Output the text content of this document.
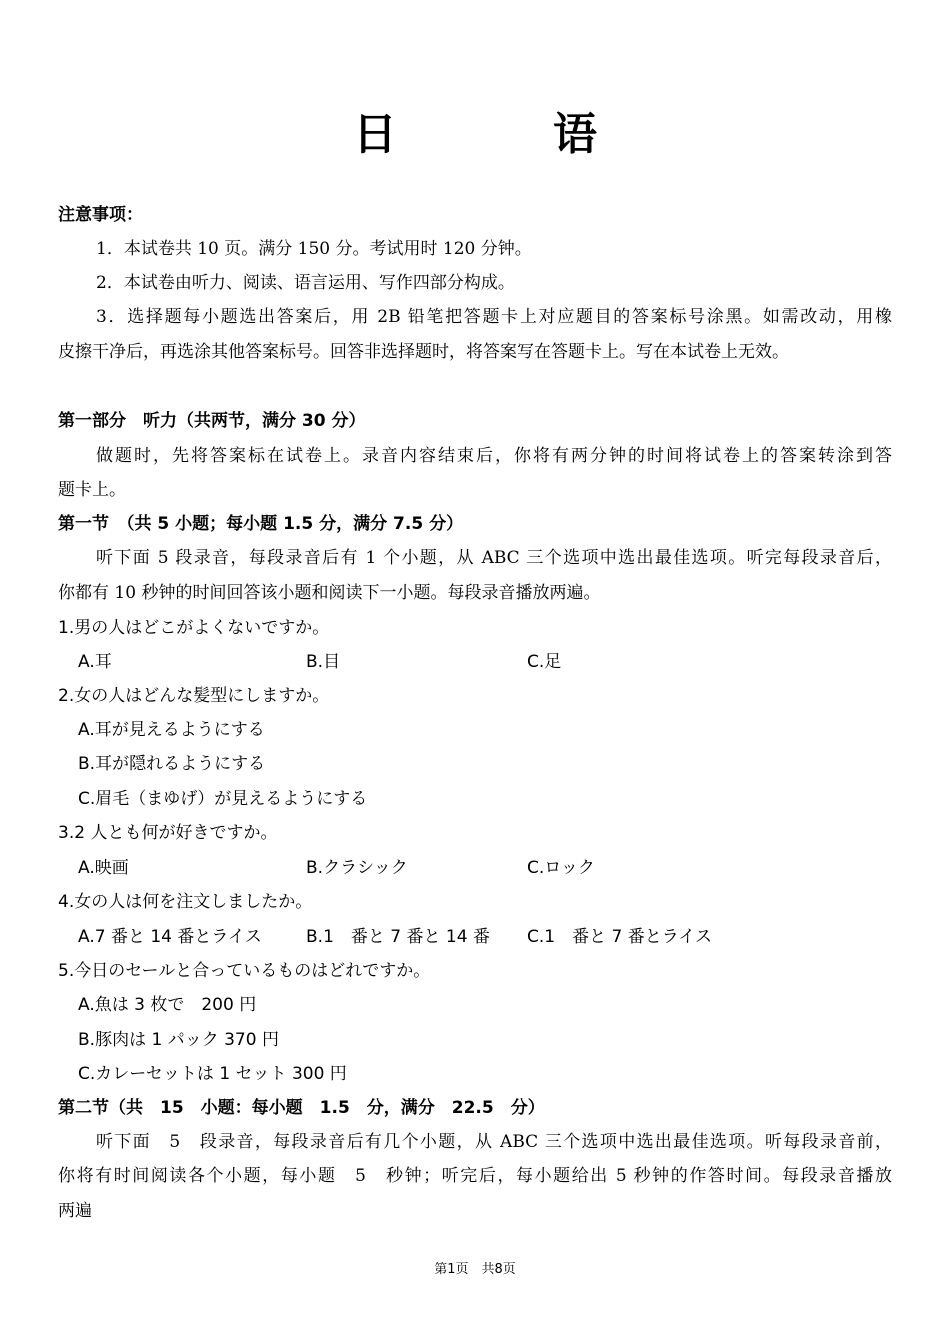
日　语
注意事项：
1．本试卷共 10 页。满分 150 分。考试用时 120 分钟。
2．本试卷由听力、阅读、语言运用、写作四部分构成。
3．选择题每小题选出答案后，用 2B 铅笔把答题卡上对应题目的答案标号涂黑。如需改动，用橡
皮擦干净后，再选涂其他答案标号。回答非选择题时，将答案写在答题卡上。写在本试卷上无效。
第一部分　听力（共两节，满分 30 分）
做题时，先将答案标在试卷上。录音内容结束后，你将有两分钟的时间将试卷上的答案转涂到答
题卡上。
第一节　（共 5 小题；每小题 1.5 分，满分 7.5 分）
听下面 5 段录音，每段录音后有 1 个小题，从 ABC 三个选项中选出最佳选项。听完每段录音后，
你都有 10 秒钟的时间回答该小题和阅读下一小题。每段录音播放两遍。
1.男の人はどこがよくないですか。
A.耳	B.目	C.足
2.女の人はどんな髪型にしますか。
A.耳が見えるようにする
B.耳が隠れるようにする
C.眉毛（まゆげ）が見えるようにする
3.2 人とも何が好きですか。
A.映画	B.クラシック	C.ロック
4.女の人は何を注文しましたか。
A.7 番と 14 番とライス	B.1　番と 7 番と 14 番 C.1　番と 7 番とライス
5.今日のセールと合っているものはどれですか。
A.魚は 3 枚で　200 円
B.豚肉は 1 パック 370 円
C.カレーセットは 1 セット 300 円
第二节（共　15　小题：每小题　1.5　分，满分　22.5　分）
听下面　5　段录音，每段录音后有几个小题，从 ABC 三个选项中选出最佳选项。听每段录音前，
你将有时间阅读各个小题，每小题　5　秒钟；听完后，每小题给出 5 秒钟的作答时间。每段录音播放
两遍
第1页　共8页
